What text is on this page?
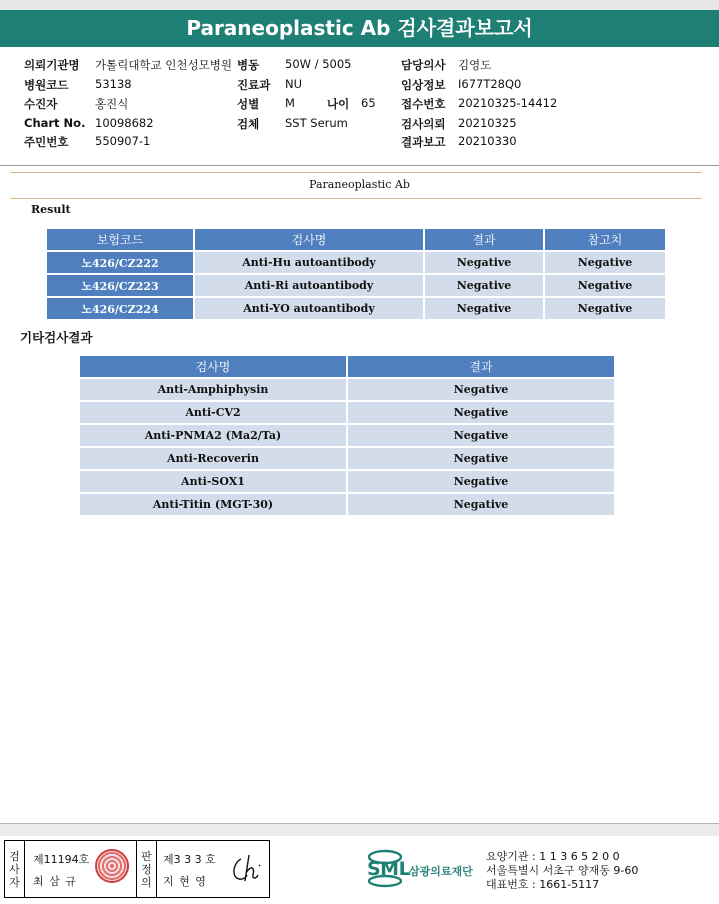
Paraneoplastic Ab 검사결과보고서
의뢰기관명 가톨릭대학교 인천성모병원
병원코드 53138
수진자	홍진식
Chart No. 10098682
주민번호 550907-1
병동 50W / 5005
진료과 NU
성별 M	나이 65
검체 SST Serum
담당의사 김영도
임상정보 I677T28Q0
접수번호 20210325-14412
검사의뢰 20210325
결과보고 20210330
Paraneoplastic Ab
Result
보험코드	검사명	결과	참고치
노426/CZ222	Anti-Hu autoantibody	Negative	Negative
노426/CZ223	Anti-Ri autoantibody	Negative	Negative
노426/CZ224	Anti-YO autoantibody	Negative	Negative
기타검사결과
검사명	결과
Anti-Amphiphysin	Negative
Anti-CV2	Negative
Anti-PNMA2 (Ma2/Ta)	Negative
Anti-Recoverin	Negative
Anti-SOX1	Negative
Anti-Titin (MGT-30)	Negative
검
사
자
제11194호
최 삼 규
판
정
의
제3 3 3 호
지 현 영
SML
삼광의료재단
요양기관 : 1 1 3 6 5 2 0 0
서울특별시 서초구 양재동 9-60
대표번호 : 1661-5117
